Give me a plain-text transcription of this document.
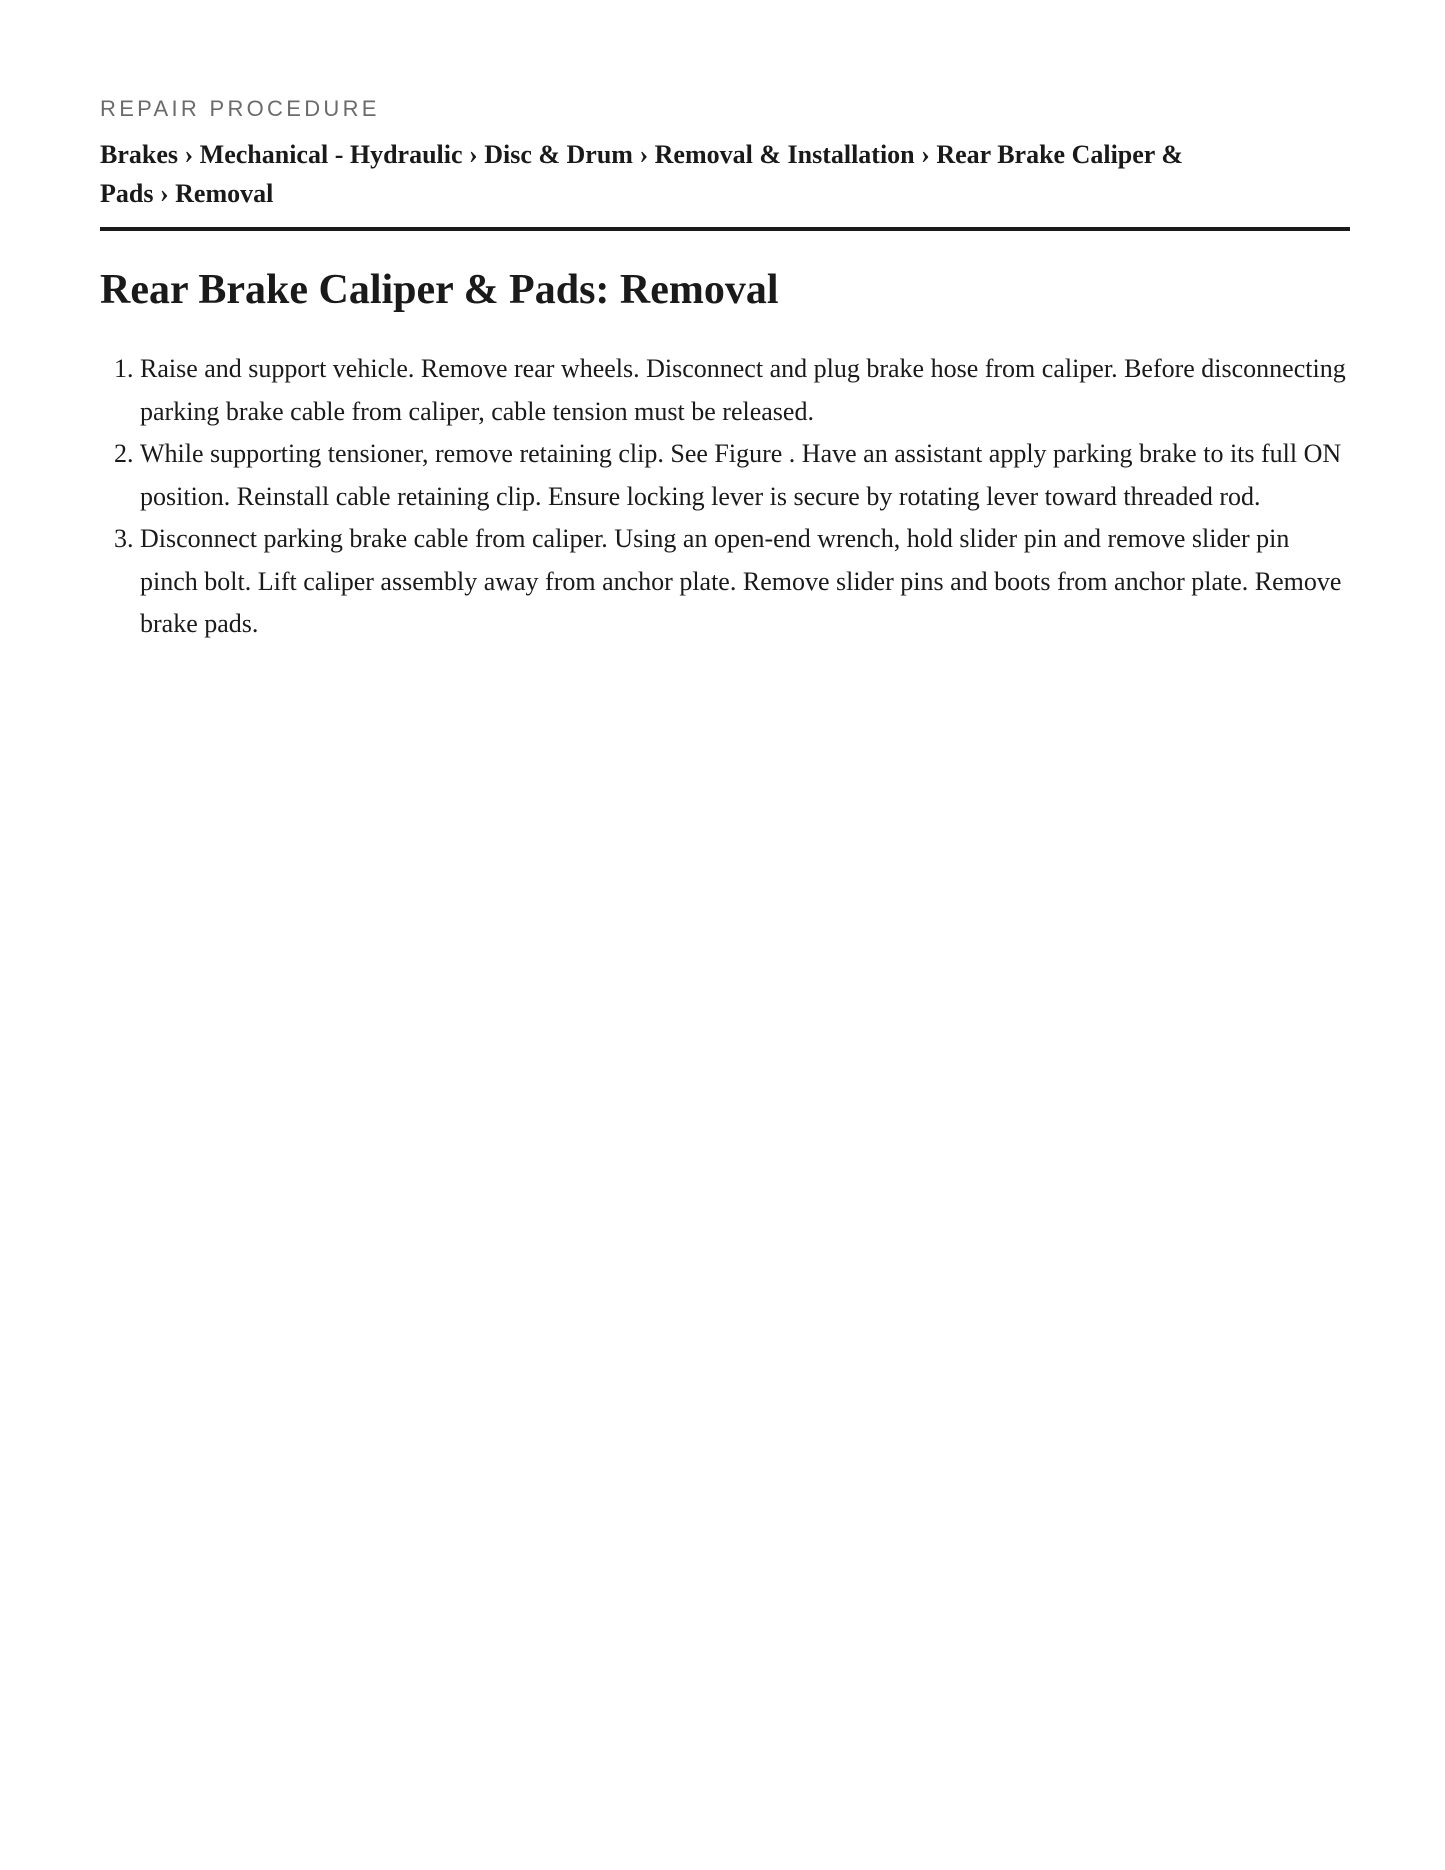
REPAIR PROCEDURE
Brakes › Mechanical - Hydraulic › Disc & Drum › Removal & Installation › Rear Brake Caliper & Pads › Removal
Rear Brake Caliper & Pads: Removal
1. Raise and support vehicle. Remove rear wheels. Disconnect and plug brake hose from caliper. Before disconnecting parking brake cable from caliper, cable tension must be released.
2. While supporting tensioner, remove retaining clip. See Figure . Have an assistant apply parking brake to its full ON position. Reinstall cable retaining clip. Ensure locking lever is secure by rotating lever toward threaded rod.
3. Disconnect parking brake cable from caliper. Using an open-end wrench, hold slider pin and remove slider pin pinch bolt. Lift caliper assembly away from anchor plate. Remove slider pins and boots from anchor plate. Remove brake pads.
